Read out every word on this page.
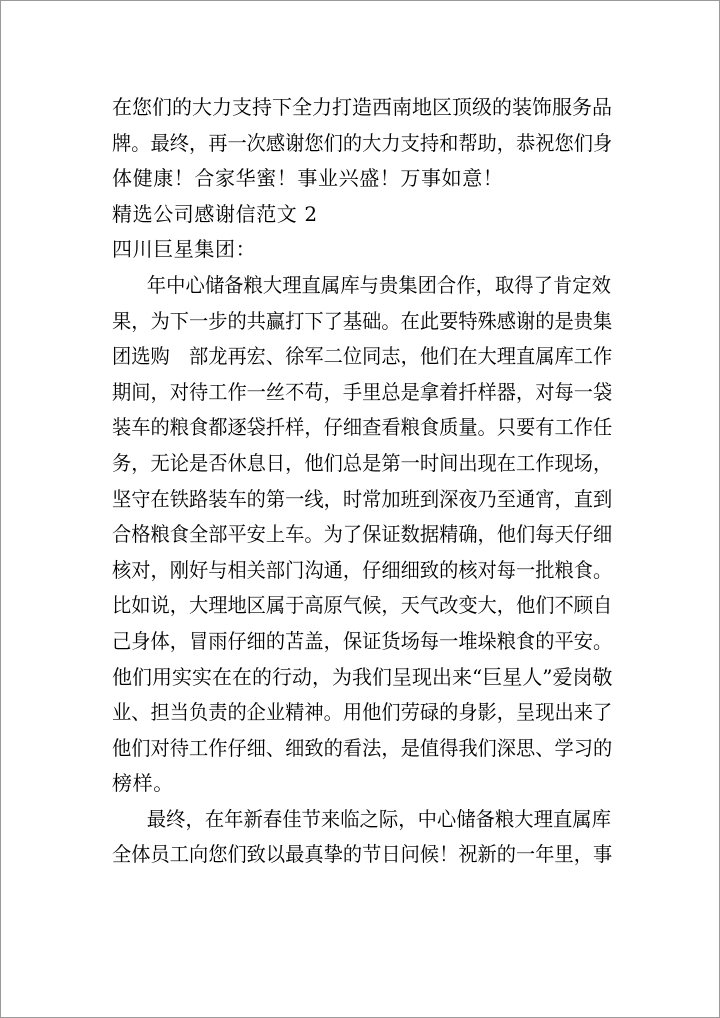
在您们的大力支持下全力打造西南地区顶级的装饰服务品
牌。最终，再一次感谢您们的大力支持和帮助，恭祝您们身
体健康！合家华蜜！事业兴盛！万事如意！
精选公司感谢信范文 2
四川巨星集团：
年中心储备粮大理直属库与贵集团合作，取得了肯定效
果，为下一步的共赢打下了基础。在此要特殊感谢的是贵集
团选购　部龙再宏、徐军二位同志，他们在大理直属库工作
期间，对待工作一丝不苟，手里总是拿着扦样器，对每一袋
装车的粮食都逐袋扦样，仔细查看粮食质量。只要有工作任
务，无论是否休息日，他们总是第一时间出现在工作现场，
坚守在铁路装车的第一线，时常加班到深夜乃至通宵，直到
合格粮食全部平安上车。为了保证数据精确，他们每天仔细
核对，刚好与相关部门沟通，仔细细致的核对每一批粮食。
比如说，大理地区属于高原气候，天气改变大，他们不顾自
己身体，冒雨仔细的苫盖，保证货场每一堆垛粮食的平安。
他们用实实在在的行动，为我们呈现出来“巨星人”爱岗敬
业、担当负责的企业精神。用他们劳碌的身影，呈现出来了
他们对待工作仔细、细致的看法，是值得我们深思、学习的
榜样。
最终，在年新春佳节来临之际，中心储备粮大理直属库
全体员工向您们致以最真挚的节日问候！祝新的一年里，事
